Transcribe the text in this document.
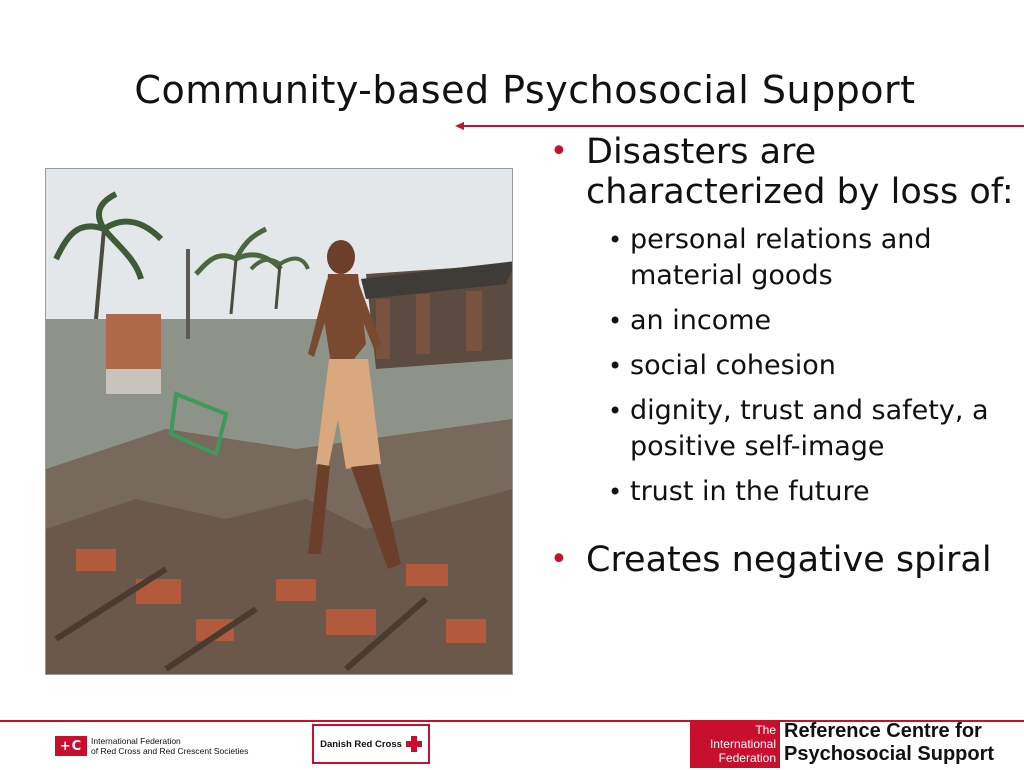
Community-based Psychosocial Support
• Disasters are characterized by loss of:
• personal relations and material goods
• an income
• social cohesion
• dignity, trust and safety, a positive self-image
• trust in the future
• Creates negative spiral
+C	International Federation
of Red Cross and Red Crescent Societies
Danish Red Cross
The
International
Federation
Reference Centre for
Psychosocial Support
